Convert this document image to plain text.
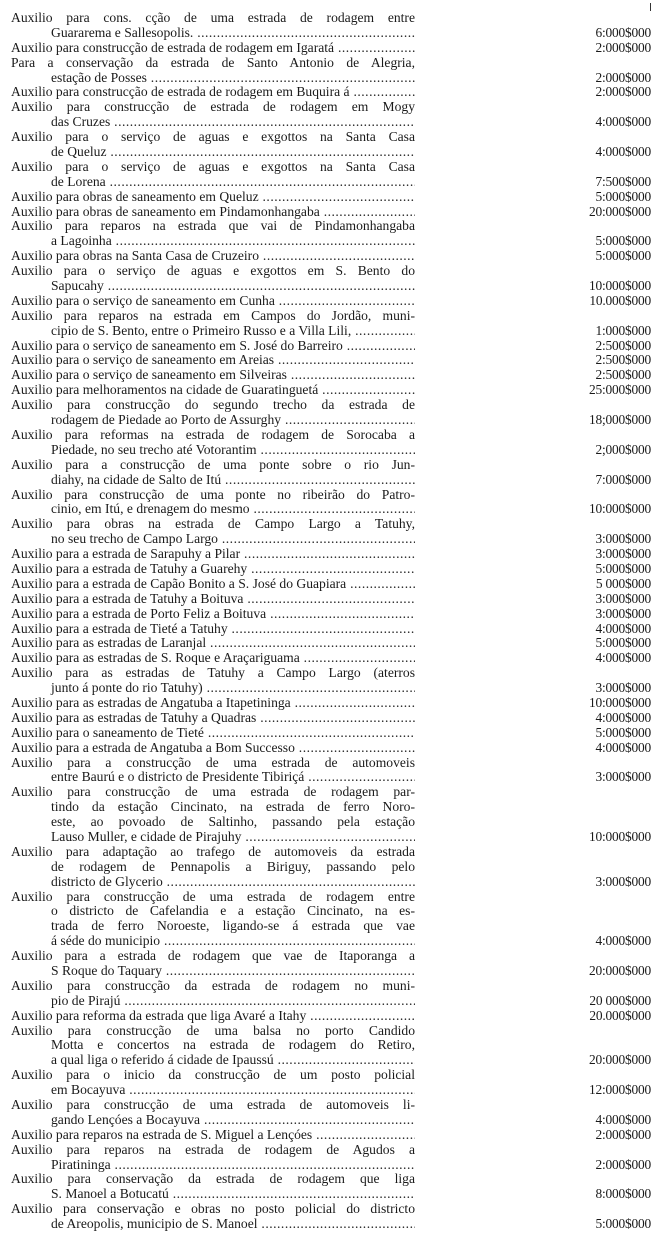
Auxilio para cons. cção de uma estrada de rodagem entre
Guararema e Sallesopolis. .....	6:000$000
Auxilio para construcção de estrada de rodagem em Igaratá .....	2:000$000
Para a conservação da estrada de Santo Antonio de Alegria,
estação de Posses .....	2:000$000
Auxilio para construcção de estrada de rodagem em Buquira á .....	2:000$000
Auxilio para construcção de estrada de rodagem em Mogy
das Cruzes .....	4:000$000
Auxilio para o serviço de aguas e exgottos na Santa Casa
de Queluz .....	4:000$000
Auxilio para o serviço de aguas e exgottos na Santa Casa
de Lorena .....	7:500$000
Auxilio para obras de saneamento em Queluz .....	5:000$000
Auxilio para obras de saneamento em Pindamonhangaba .....	20:000$000
Auxilio para reparos na estrada que vai de Pindamonhangaba
a Lagoinha .....	5:000$000
Auxilio para obras na Santa Casa de Cruzeiro .....	5:000$000
Auxilio para o serviço de aguas e exgottos em S. Bento do
Sapucahy .....	10:000$000
Auxilio para o serviço de saneamento em Cunha .....	10.000$000
Auxilio para reparos na estrada em Campos do Jordão, muni-
cipio de S. Bento, entre o Primeiro Russo e a Villa Lili, .....	1:000$000
Auxilio para o serviço de saneamento em S. José do Barreiro .....	2:500$000
Auxilio para o serviço de saneamento em Areias .....	2:500$000
Auxilio para o serviço de saneamento em Silveiras .....	2:500$000
Auxilio para melhoramentos na cidade de Guaratinguetá .....	25:000$000
Auxilio para construcção do segundo trecho da estrada de
rodagem de Piedade ao Porto de Assurghy .....	18;000$000
Auxilio para reformas na estrada de rodagem de Sorocaba a
Piedade, no seu trecho até Votorantim .....	2;000$000
Auxilio para a construcção de uma ponte sobre o rio Jun-
diahy, na cidade de Salto de Itú .....	7:000$000
Auxilio para construcção de uma ponte no ribeirão do Patro-
cinio, em Itú, e drenagem do mesmo .....	10:000$000
Auxilio para obras na estrada de Campo Largo a Tatuhy,
no seu trecho de Campo Largo .....	3:000$000
Auxilio para a estrada de Sarapuhy a Pilar .....	3:000$000
Auxilio para a estrada de Tatuhy a Guarehy .....	5:000$000
Auxilio para a estrada de Capão Bonito a S. José do Guapiara .....	5 000$000
Auxilio para a estrada de Tatuhy a Boituva .....	3:000$000
Auxilio para a estrada de Porto Feliz a Boituva .....	3:000$000
Auxilio para a estrada de Tieté a Tatuhy .....	4:000$000
Auxilio para as estradas de Laranjal .....	5:000$000
Auxilio para as estradas de S. Roque e Araçariguama .....	4:000$000
Auxilio para as estradas de Tatuhy a Campo Largo (aterros
junto á ponte do rio Tatuhy) .....	3:000$000
Auxilio para as estradas de Angatuba a Itapetininga .....	10:000$000
Auxilio para as estradas de Tatuhy a Quadras .....	4:000$000
Auxilio para o saneamento de Tieté .....	5:000$000
Auxilio para a estrada de Angatuba a Bom Successo .....	4:000$000
Auxilio para a construcção de uma estrada de automoveis
entre Baurú e o districto de Presidente Tibiriçá .....	3:000$000
Auxilio para construcção de uma estrada de rodagem par-
tindo da estação Cincinato, na estrada de ferro Noro-
este, ao povoado de Saltinho, passando pela estação
Lauso Muller, e cidade de Pirajuhy .....	10:000$000
Auxilio para adaptação ao trafego de automoveis da estrada
de rodagem de Pennapolis a Biriguy, passando pelo
districto de Glycerio .....	3:000$000
Auxilio para construcção de uma estrada de rodagem entre
o districto de Cafelandia e a estação Cincinato, na es-
trada de ferro Noroeste, ligando-se á estrada que vae
á séde do municipio .....	4:000$000
Auxilio para a estrada de rodagem que vae de Itaporanga a
S Roque do Taquary .....	20:000$000
Auxilio para construcção da estrada de rodagem no muni-
pio de Pirajú .....	20 000$000
Auxilio para reforma da estrada que liga Avaré a Itahy .....	20.000$000
Auxilio para construcção de uma balsa no porto Candido
Motta e concertos na estrada de rodagem do Retiro,
a qual liga o referido á cidade de Ipaussú .....	20:000$000
Auxilio para o inicio da construcção de um posto policial
em Bocayuva .....	12:000$000
Auxilio para construcção de uma estrada de automoveis li-
gando Lençóes a Bocayuva .....	4:000$000
Auxilio para reparos na estrada de S. Miguel a Lençóes .....	2:000$000
Auxilio para reparos na estrada de rodagem de Agudos a
Piratininga .....	2:000$000
Auxilio para conservação da estrada de rodagem que liga
S. Manoel a Botucatú .....	8:000$000
Auxilio para conservação e obras no posto policial do districto
de Areopolis, municipio de S. Manoel .....	5:000$000
